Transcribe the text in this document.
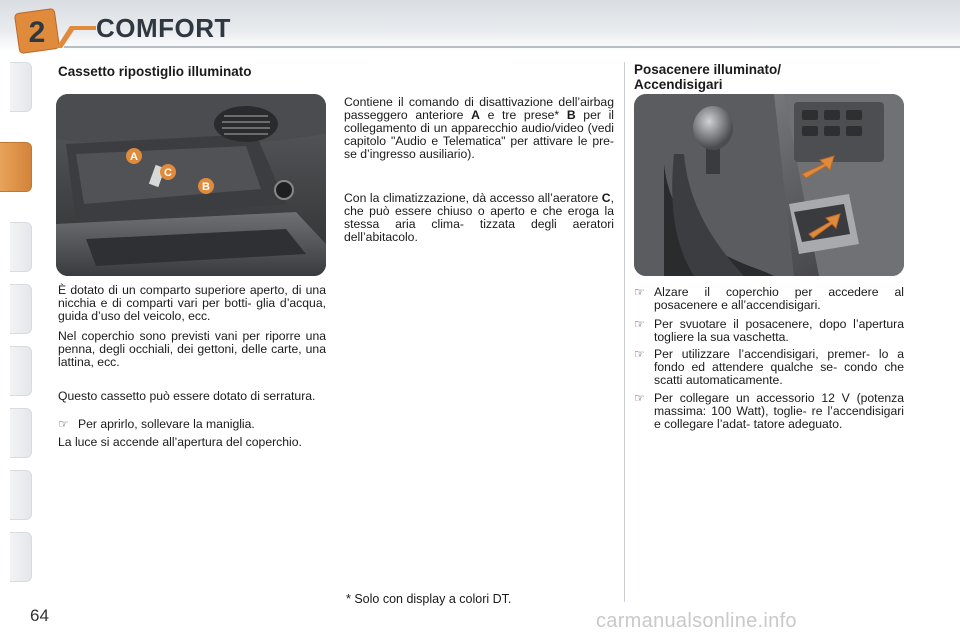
2 COMFORT
Cassetto ripostiglio illuminato
A
C
B
È dotato di un comparto superiore aperto, di una nicchia e di comparti vari per botti- glia d’acqua, guida d’uso del veicolo, ecc.
Nel coperchio sono previsti vani per riporre una penna, degli occhiali, dei gettoni, delle carte, una lattina, ecc.
Questo cassetto può essere dotato di serratura.
☞ Per aprirlo, sollevare la maniglia.
La luce si accende all’apertura del coperchio.
Contiene il comando di disattivazione dell’airbag passeggero anteriore A e tre prese* B per il collegamento di un apparecchio audio/video (vedi capitolo "Audio e Telematica" per attivare le pre- se d’ingresso ausiliario).
Con la climatizzazione, dà accesso all’aeratore C, che può essere chiuso o aperto e che eroga la stessa aria clima- tizzata degli aeratori dell’abitacolo.
* Solo con display a colori DT.
Posacenere illuminato/
Accendisigari
☞ Alzare il coperchio per accedere al posacenere e all’accendisigari.
☞ Per svuotare il posacenere, dopo l’apertura togliere la sua vaschetta.
☞ Per utilizzare l’accendisigari, premer- lo a fondo ed attendere qualche se- condo che scatti automaticamente.
☞ Per collegare un accessorio 12 V (potenza massima: 100 Watt), toglie- re l’accendisigari e collegare l’adat- tatore adeguato.
64	carmanualsonline.info
